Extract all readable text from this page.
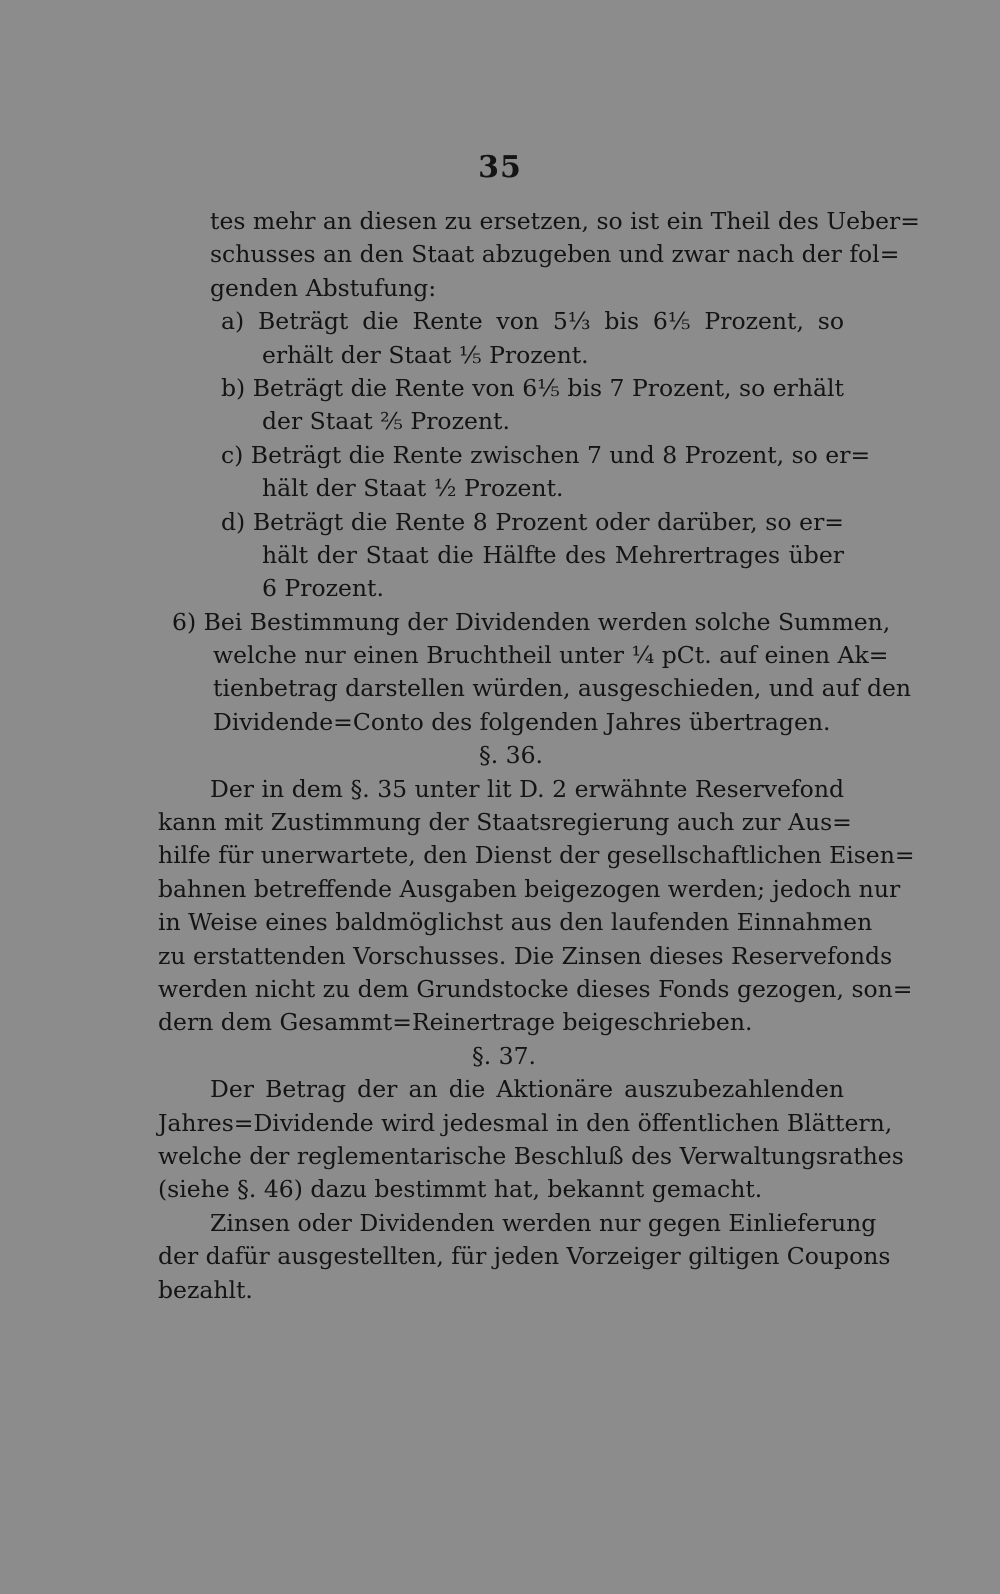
35
tes mehr an diesen zu ersetzen, so ist ein Theil des Ueber=
schusses an den Staat abzugeben und zwar nach der fol=
genden Abstufung:
a) Beträgt die Rente von 5⅓ bis 6⅕ Prozent, so
erhält der Staat ⅕ Prozent.
b) Beträgt die Rente von 6⅕ bis 7 Prozent, so erhält
der Staat ⅖ Prozent.
c) Beträgt die Rente zwischen 7 und 8 Prozent, so er=
hält der Staat ½ Prozent.
d) Beträgt die Rente 8 Prozent oder darüber, so er=
hält der Staat die Hälfte des Mehrertrages über
6 Prozent.
6) Bei Bestimmung der Dividenden werden solche Summen,
welche nur einen Bruchtheil unter ¼ pCt. auf einen Ak=
tienbetrag darstellen würden, ausgeschieden, und auf den
Dividende=Conto des folgenden Jahres übertragen.
§. 36.
Der in dem §. 35 unter lit D. 2 erwähnte Reservefond
kann mit Zustimmung der Staatsregierung auch zur Aus=
hilfe für unerwartete, den Dienst der gesellschaftlichen Eisen=
bahnen betreffende Ausgaben beigezogen werden; jedoch nur
in Weise eines baldmöglichst aus den laufenden Einnahmen
zu erstattenden Vorschusses. Die Zinsen dieses Reservefonds
werden nicht zu dem Grundstocke dieses Fonds gezogen, son=
dern dem Gesammt=Reinertrage beigeschrieben.
§. 37.
Der Betrag der an die Aktionäre auszubezahlenden
Jahres=Dividende wird jedesmal in den öffentlichen Blättern,
welche der reglementarische Beschluß des Verwaltungsrathes
(siehe §. 46) dazu bestimmt hat, bekannt gemacht.
Zinsen oder Dividenden werden nur gegen Einlieferung
der dafür ausgestellten, für jeden Vorzeiger giltigen Coupons
bezahlt.
